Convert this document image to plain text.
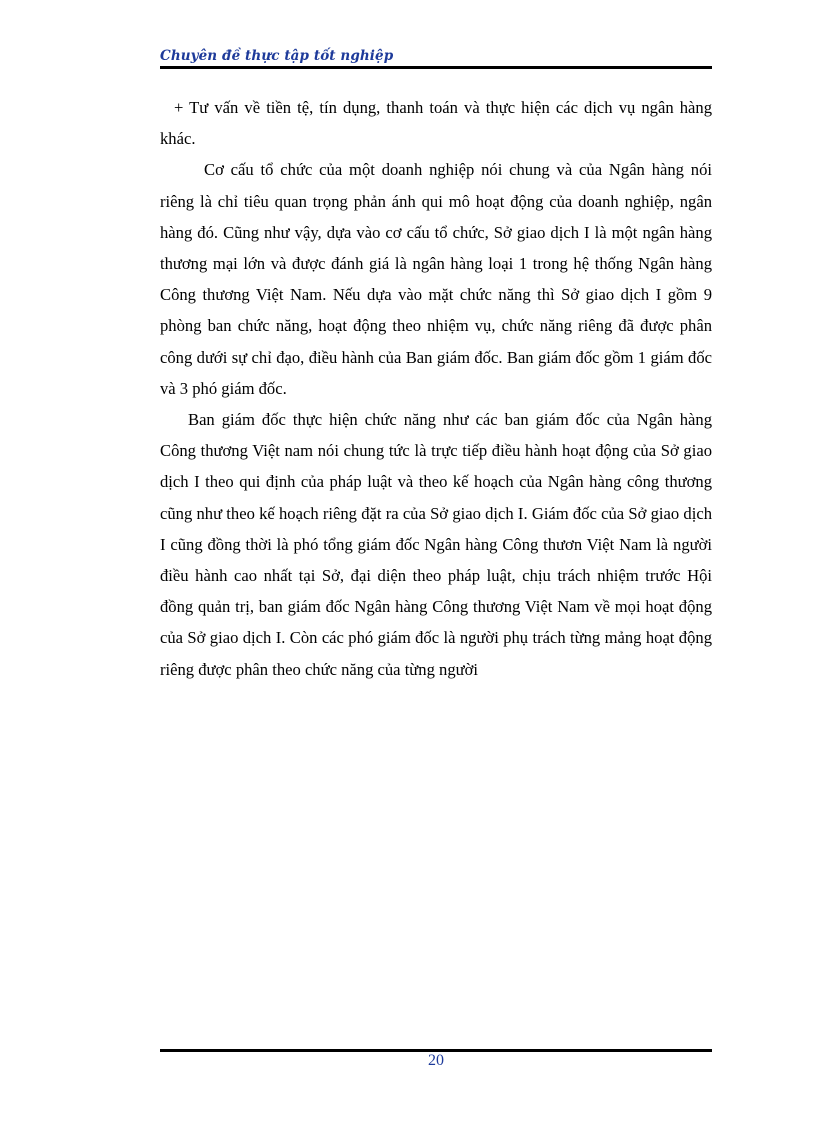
Chuyên đề thực tập tốt nghiệp

+ Tư vấn về tiền tệ, tín dụng, thanh toán và thực hiện các dịch vụ ngân hàng khác.

Cơ cấu tổ chức của một doanh nghiệp nói chung và của Ngân hàng nói riêng là chỉ tiêu quan trọng phản ánh qui mô hoạt động của doanh nghiệp, ngân hàng đó. Cũng như vậy, dựa vào cơ cấu tổ chức, Sở giao dịch I là một ngân hàng thương mại lớn và được đánh giá là ngân hàng loại 1 trong hệ thống Ngân hàng Công thương Việt Nam. Nếu dựa vào mặt chức năng thì Sở giao dịch I gồm 9 phòng ban chức năng, hoạt động theo nhiệm vụ, chức năng riêng đã được phân công dưới sự chỉ đạo, điều hành của Ban giám đốc. Ban giám đốc gồm 1 giám đốc và 3 phó giám đốc.

Ban giám đốc thực hiện chức năng như các ban giám đốc của Ngân hàng Công thương Việt nam nói chung tức là trực tiếp điều hành hoạt động của Sở giao dịch I theo qui định của pháp luật và theo kế hoạch của Ngân hàng công thương cũng như theo kế hoạch riêng đặt ra của Sở giao dịch I. Giám đốc của Sở giao dịch I cũng đồng thời là phó tổng giám đốc Ngân hàng Công thươn Việt Nam là người điều hành cao nhất tại Sở, đại diện theo pháp luật, chịu trách nhiệm trước Hội đồng quản trị, ban giám đốc Ngân hàng Công thương Việt Nam về mọi hoạt động của Sở giao dịch I. Còn các phó giám đốc là người phụ trách từng mảng hoạt động riêng được phân theo chức năng của từng người

20
